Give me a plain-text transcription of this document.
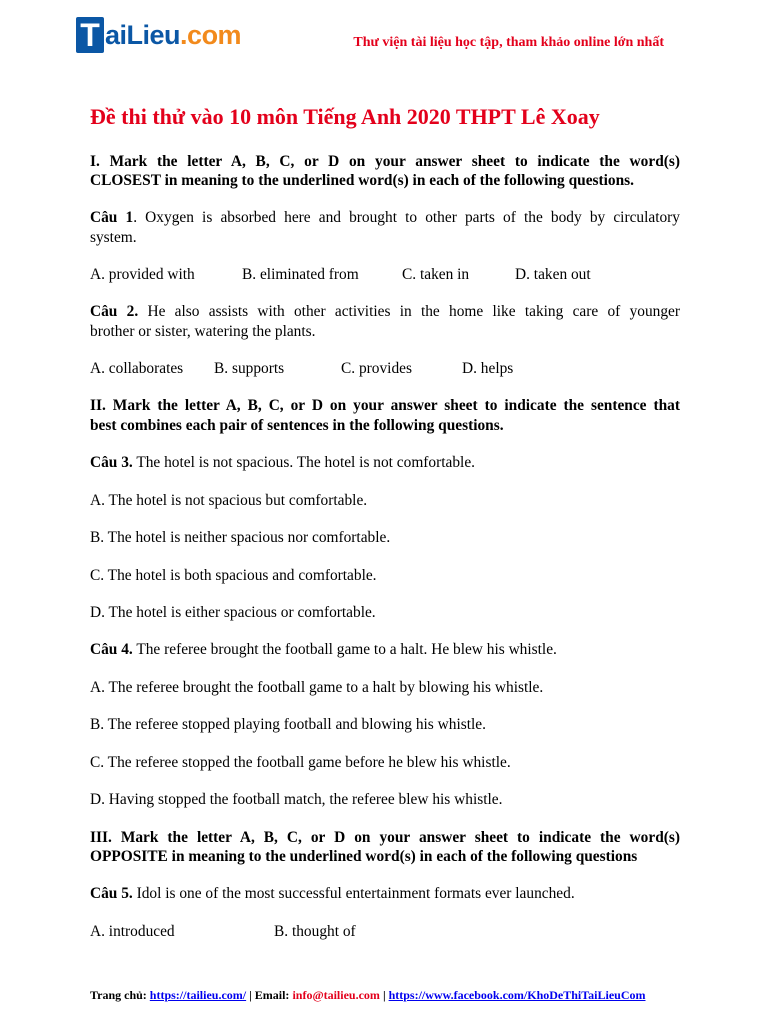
T aiLieu.com	Thư viện tài liệu học tập, tham khảo online lớn nhất
Đề thi thử vào 10 môn Tiếng Anh 2020 THPT Lê Xoay
I. Mark the letter A, B, C, or D on your answer sheet to indicate the word(s)
CLOSEST in meaning to the underlined word(s) in each of the following questions.
Câu 1. Oxygen is absorbed here and brought to other parts of the body by circulatory
system.
A. provided with	B. eliminated from	C. taken in	D. taken out
Câu 2. He also assists with other activities in the home like taking care of younger
brother or sister, watering the plants.
A. collaborates B. supports	C. provides	D. helps
II. Mark the letter A, B, C, or D on your answer sheet to indicate the sentence that
best combines each pair of sentences in the following questions.
Câu 3. The hotel is not spacious. The hotel is not comfortable.
A. The hotel is not spacious but comfortable.
B. The hotel is neither spacious nor comfortable.
C. The hotel is both spacious and comfortable.
D. The hotel is either spacious or comfortable.
Câu 4. The referee brought the football game to a halt. He blew his whistle.
A. The referee brought the football game to a halt by blowing his whistle.
B. The referee stopped playing football and blowing his whistle.
C. The referee stopped the football game before he blew his whistle.
D. Having stopped the football match, the referee blew his whistle.
III. Mark the letter A, B, C, or D on your answer sheet to indicate the word(s)
OPPOSITE in meaning to the underlined word(s) in each of the following questions
Câu 5. Idol is one of the most successful entertainment formats ever launched.
A. introduced	B. thought of
Trang chủ: https://tailieu.com/ | Email: info@tailieu.com | https://www.facebook.com/KhoDeThiTaiLieuCom
